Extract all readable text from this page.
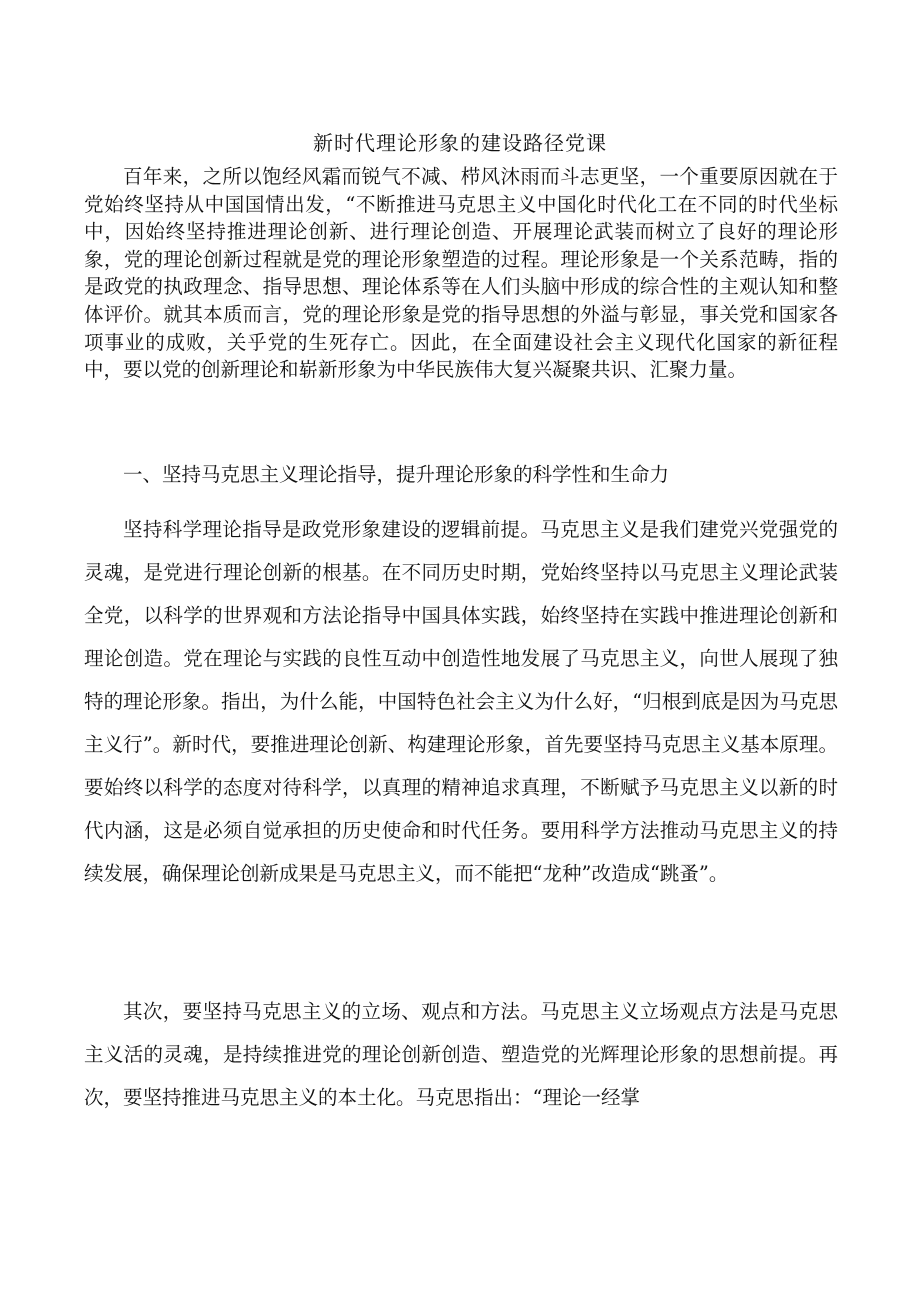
新时代理论形象的建设路径党课

百年来，之所以饱经风霜而锐气不减、栉风沐雨而斗志更坚，一个重要原因就在于党始终坚持从中国国情出发，“不断推进马克思主义中国化时代化工在不同的时代坐标中，因始终坚持推进理论创新、进行理论创造、开展理论武装而树立了良好的理论形象，党的理论创新过程就是党的理论形象塑造的过程。理论形象是一个关系范畴，指的是政党的执政理念、指导思想、理论体系等在人们头脑中形成的综合性的主观认知和整体评价。就其本质而言，党的理论形象是党的指导思想的外溢与彰显，事关党和国家各项事业的成败，关乎党的生死存亡。因此，在全面建设社会主义现代化国家的新征程中，要以党的创新理论和崭新形象为中华民族伟大复兴凝聚共识、汇聚力量。

一、坚持马克思主义理论指导，提升理论形象的科学性和生命力

坚持科学理论指导是政党形象建设的逻辑前提。马克思主义是我们建党兴党强党的灵魂，是党进行理论创新的根基。在不同历史时期，党始终坚持以马克思主义理论武装全党，以科学的世界观和方法论指导中国具体实践，始终坚持在实践中推进理论创新和理论创造。党在理论与实践的良性互动中创造性地发展了马克思主义，向世人展现了独特的理论形象。指出，为什么能，中国特色社会主义为什么好，“归根到底是因为马克思主义行”。新时代，要推进理论创新、构建理论形象，首先要坚持马克思主义基本原理。要始终以科学的态度对待科学，以真理的精神追求真理，不断赋予马克思主义以新的时代内涵，这是必须自觉承担的历史使命和时代任务。要用科学方法推动马克思主义的持续发展，确保理论创新成果是马克思主义，而不能把“龙种”改造成“跳蚤”。

其次，要坚持马克思主义的立场、观点和方法。马克思主义立场观点方法是马克思主义活的灵魂，是持续推进党的理论创新创造、塑造党的光辉理论形象的思想前提。再次，要坚持推进马克思主义的本土化。马克思指出：“理论一经掌
